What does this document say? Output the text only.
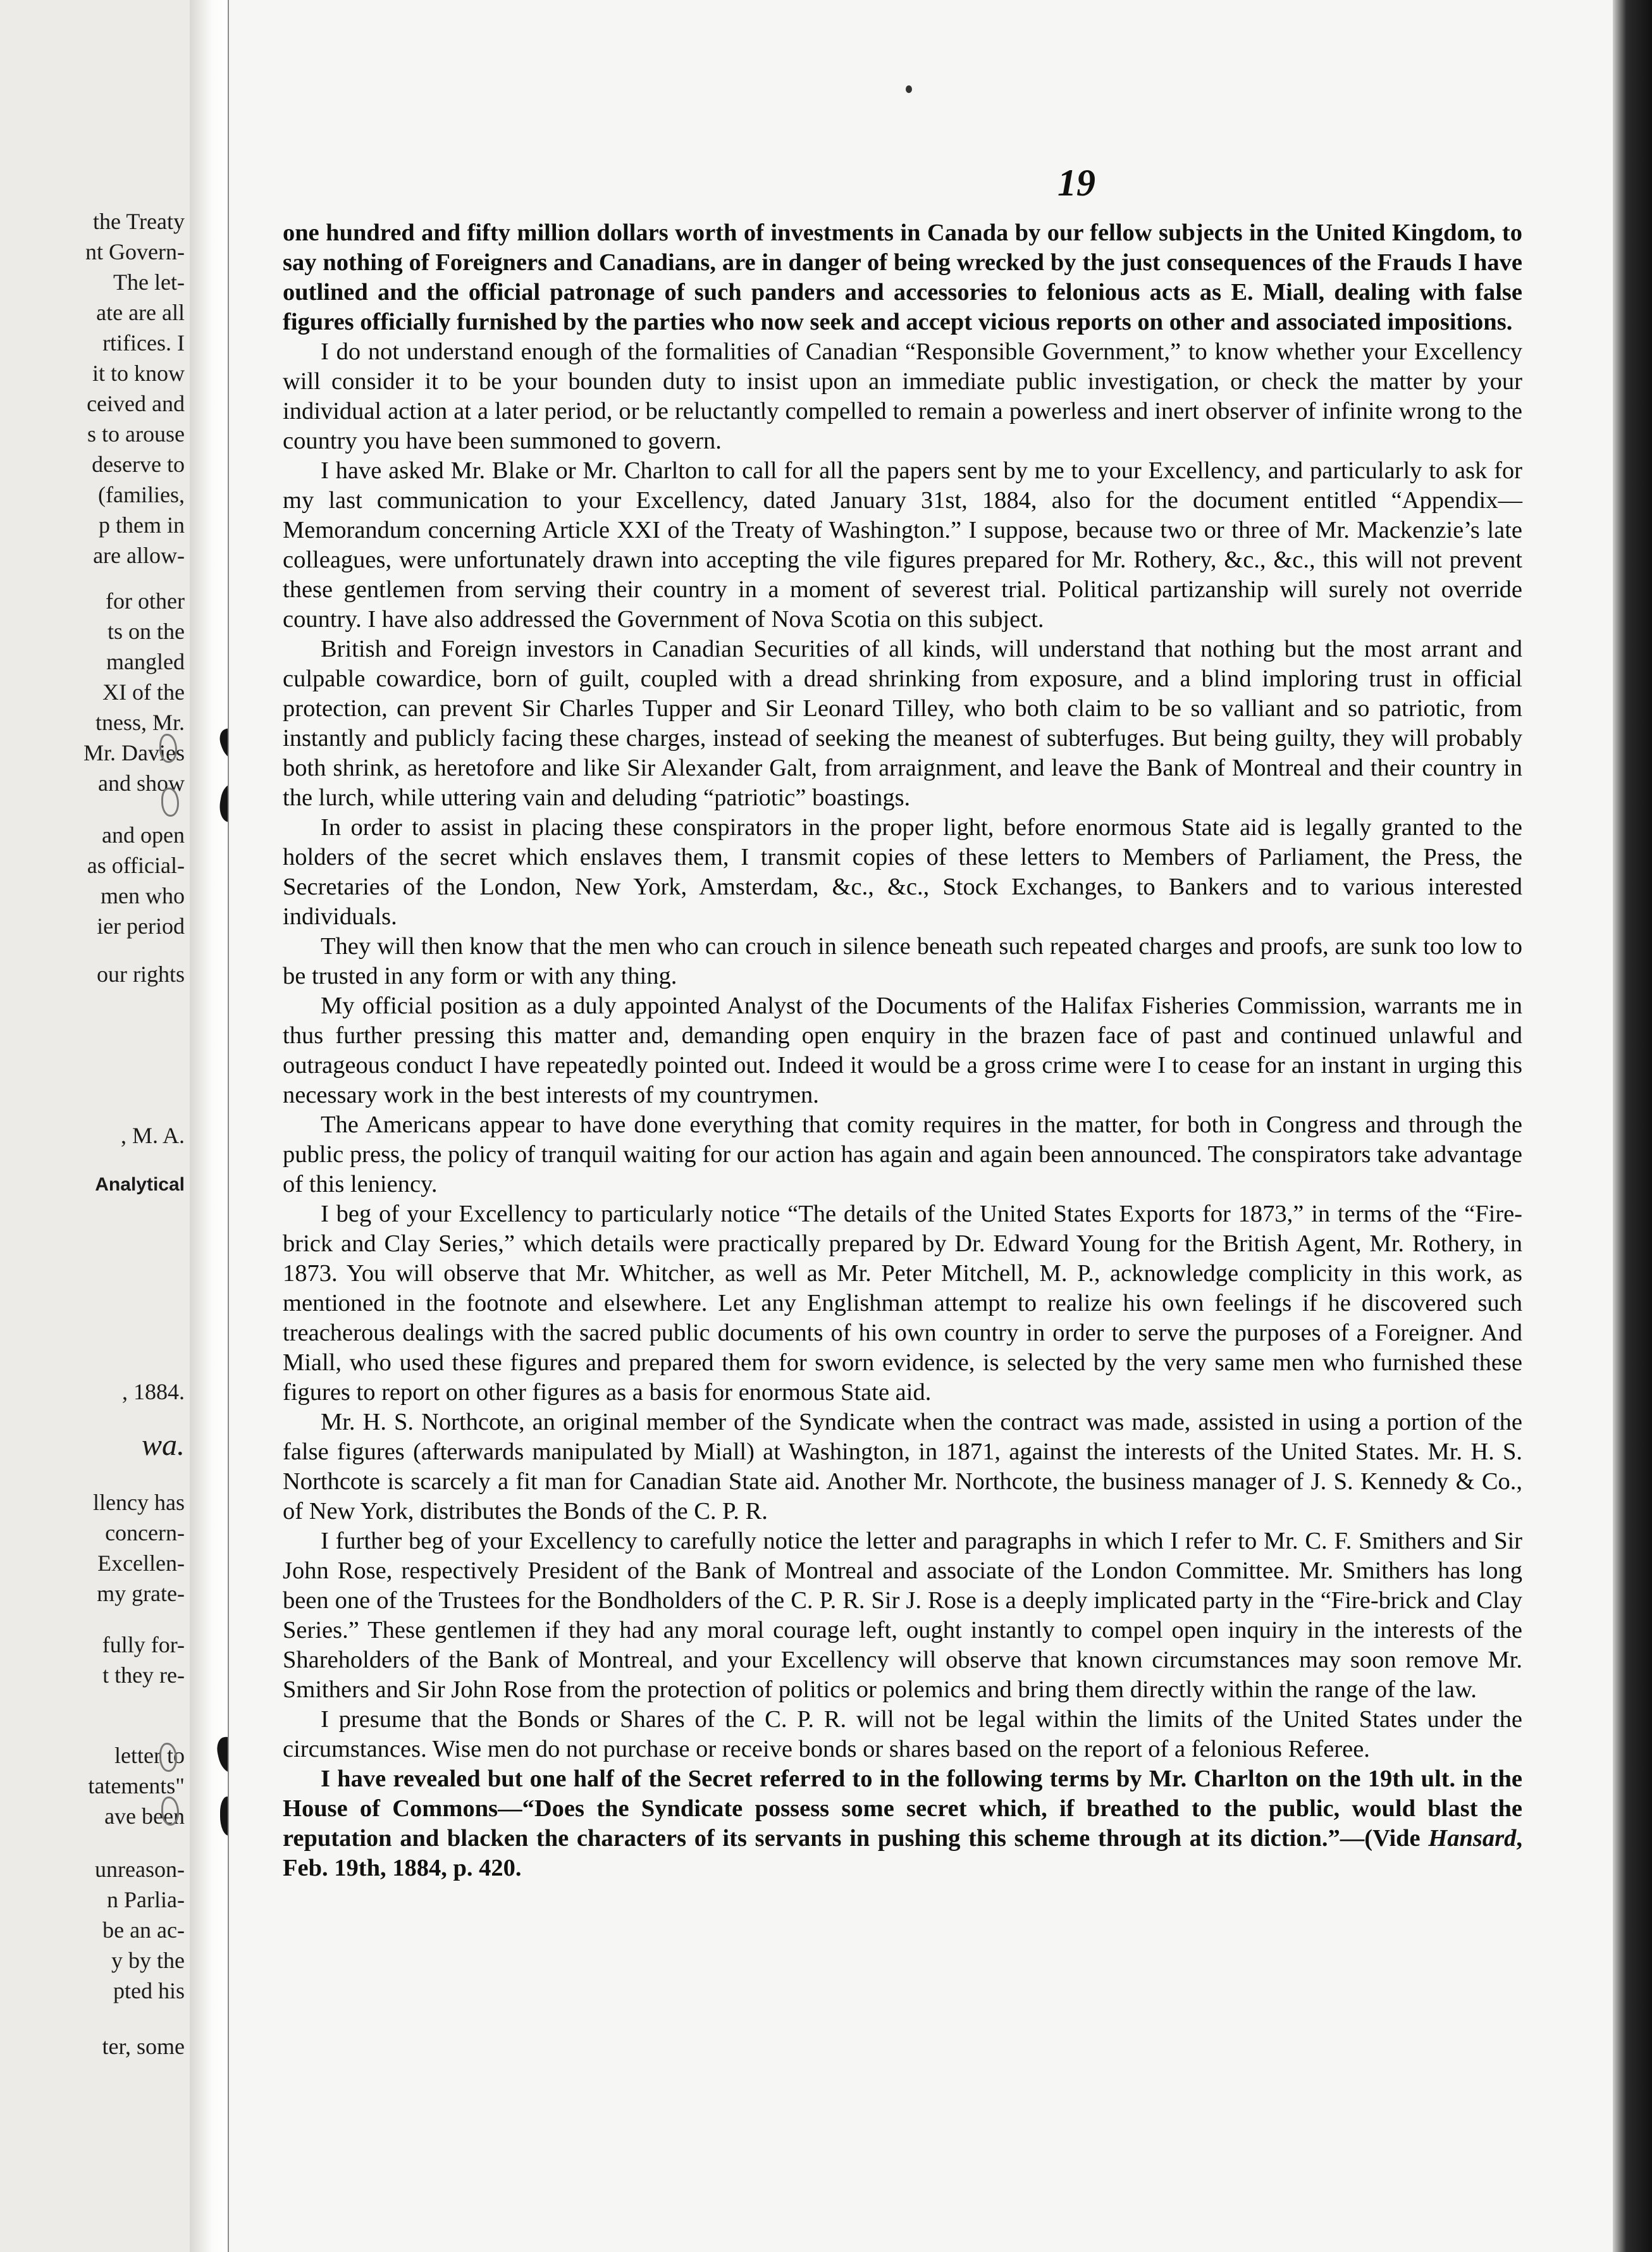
the Treaty
nt Govern-
The let-
ate are all
rtifices. I
it to know
ceived and
s to arouse
deserve to
(families,
p them in
are allow-
for other
ts on the
mangled
XI of the
tness, Mr.
Mr. Davies
and show
and open
as official-
men who
ier period
our rights
, M. A.
Analytical
, 1884.
wa.
llency has
concern-
Excellen-
my grate-
fully for-
t they re-
letter to
tatements"
ave been
unreason-
n Parlia-
be an ac-
y by the
pted his
ter, some
19

one hundred and fifty million dollars worth of investments in Canada by our fellow subjects in the United Kingdom, to say nothing of Foreigners and Canadians, are in danger of being wrecked by the just consequences of the Frauds I have outlined and the official patronage of such panders and accessories to felonious acts as E. Miall, dealing with false figures officially furnished by the parties who now seek and accept vicious reports on other and associated impositions.

I do not understand enough of the formalities of Canadian “Responsible Government,” to know whether your Excellency will consider it to be your bounden duty to insist upon an immediate public investigation, or check the matter by your individual action at a later period, or be reluctantly compelled to remain a powerless and inert observer of infinite wrong to the country you have been summoned to govern.

I have asked Mr. Blake or Mr. Charlton to call for all the papers sent by me to your Excellency, and particularly to ask for my last communication to your Excellency, dated January 31st, 1884, also for the document entitled “Appendix—Memorandum concerning Article XXI of the Treaty of Washington.” I suppose, because two or three of Mr. Mackenzie’s late colleagues, were unfortunately drawn into accepting the vile figures prepared for Mr. Rothery, &c., &c., this will not prevent these gentlemen from serving their country in a moment of severest trial. Political partizanship will surely not override country. I have also addressed the Government of Nova Scotia on this subject.

British and Foreign investors in Canadian Securities of all kinds, will understand that nothing but the most arrant and culpable cowardice, born of guilt, coupled with a dread shrinking from exposure, and a blind imploring trust in official protection, can prevent Sir Charles Tupper and Sir Leonard Tilley, who both claim to be so valliant and so patriotic, from instantly and publicly facing these charges, instead of seeking the meanest of subterfuges. But being guilty, they will probably both shrink, as heretofore and like Sir Alexander Galt, from arraignment, and leave the Bank of Montreal and their country in the lurch, while uttering vain and deluding “patriotic” boastings.

In order to assist in placing these conspirators in the proper light, before enormous State aid is legally granted to the holders of the secret which enslaves them, I transmit copies of these letters to Members of Parliament, the Press, the Secretaries of the London, New York, Amsterdam, &c., &c., Stock Exchanges, to Bankers and to various interested individuals.

They will then know that the men who can crouch in silence beneath such repeated charges and proofs, are sunk too low to be trusted in any form or with any thing.

My official position as a duly appointed Analyst of the Documents of the Halifax Fisheries Commission, warrants me in thus further pressing this matter and, demanding open enquiry in the brazen face of past and continued unlawful and outrageous conduct I have repeatedly pointed out. Indeed it would be a gross crime were I to cease for an instant in urging this necessary work in the best interests of my countrymen.

The Americans appear to have done everything that comity requires in the matter, for both in Congress and through the public press, the policy of tranquil waiting for our action has again and again been announced. The conspirators take advantage of this leniency.

I beg of your Excellency to particularly notice “The details of the United States Exports for 1873,” in terms of the “Fire-brick and Clay Series,” which details were practically prepared by Dr. Edward Young for the British Agent, Mr. Rothery, in 1873. You will observe that Mr. Whitcher, as well as Mr. Peter Mitchell, M. P., acknowledge complicity in this work, as mentioned in the footnote and elsewhere. Let any Englishman attempt to realize his own feelings if he discovered such treacherous dealings with the sacred public documents of his own country in order to serve the purposes of a Foreigner. And Miall, who used these figures and prepared them for sworn evidence, is selected by the very same men who furnished these figures to report on other figures as a basis for enormous State aid.

Mr. H. S. Northcote, an original member of the Syndicate when the contract was made, assisted in using a portion of the false figures (afterwards manipulated by Miall) at Washington, in 1871, against the interests of the United States. Mr. H. S. Northcote is scarcely a fit man for Canadian State aid. Another Mr. Northcote, the business manager of J. S. Kennedy & Co., of New York, distributes the Bonds of the C. P. R.

I further beg of your Excellency to carefully notice the letter and paragraphs in which I refer to Mr. C. F. Smithers and Sir John Rose, respectively President of the Bank of Montreal and associate of the London Committee. Mr. Smithers has long been one of the Trustees for the Bondholders of the C. P. R. Sir J. Rose is a deeply implicated party in the “Fire-brick and Clay Series.” These gentlemen if they had any moral courage left, ought instantly to compel open inquiry in the interests of the Shareholders of the Bank of Montreal, and your Excellency will observe that known circumstances may soon remove Mr. Smithers and Sir John Rose from the protection of politics or polemics and bring them directly within the range of the law.

I presume that the Bonds or Shares of the C. P. R. will not be legal within the limits of the United States under the circumstances. Wise men do not purchase or receive bonds or shares based on the report of a felonious Referee.

I have revealed but one half of the Secret referred to in the following terms by Mr. Charlton on the 19th ult. in the House of Commons—“Does the Syndicate possess some secret which, if breathed to the public, would blast the reputation and blacken the characters of its servants in pushing this scheme through at its diction.”—(Vide Hansard, Feb. 19th, 1884, p. 420.
